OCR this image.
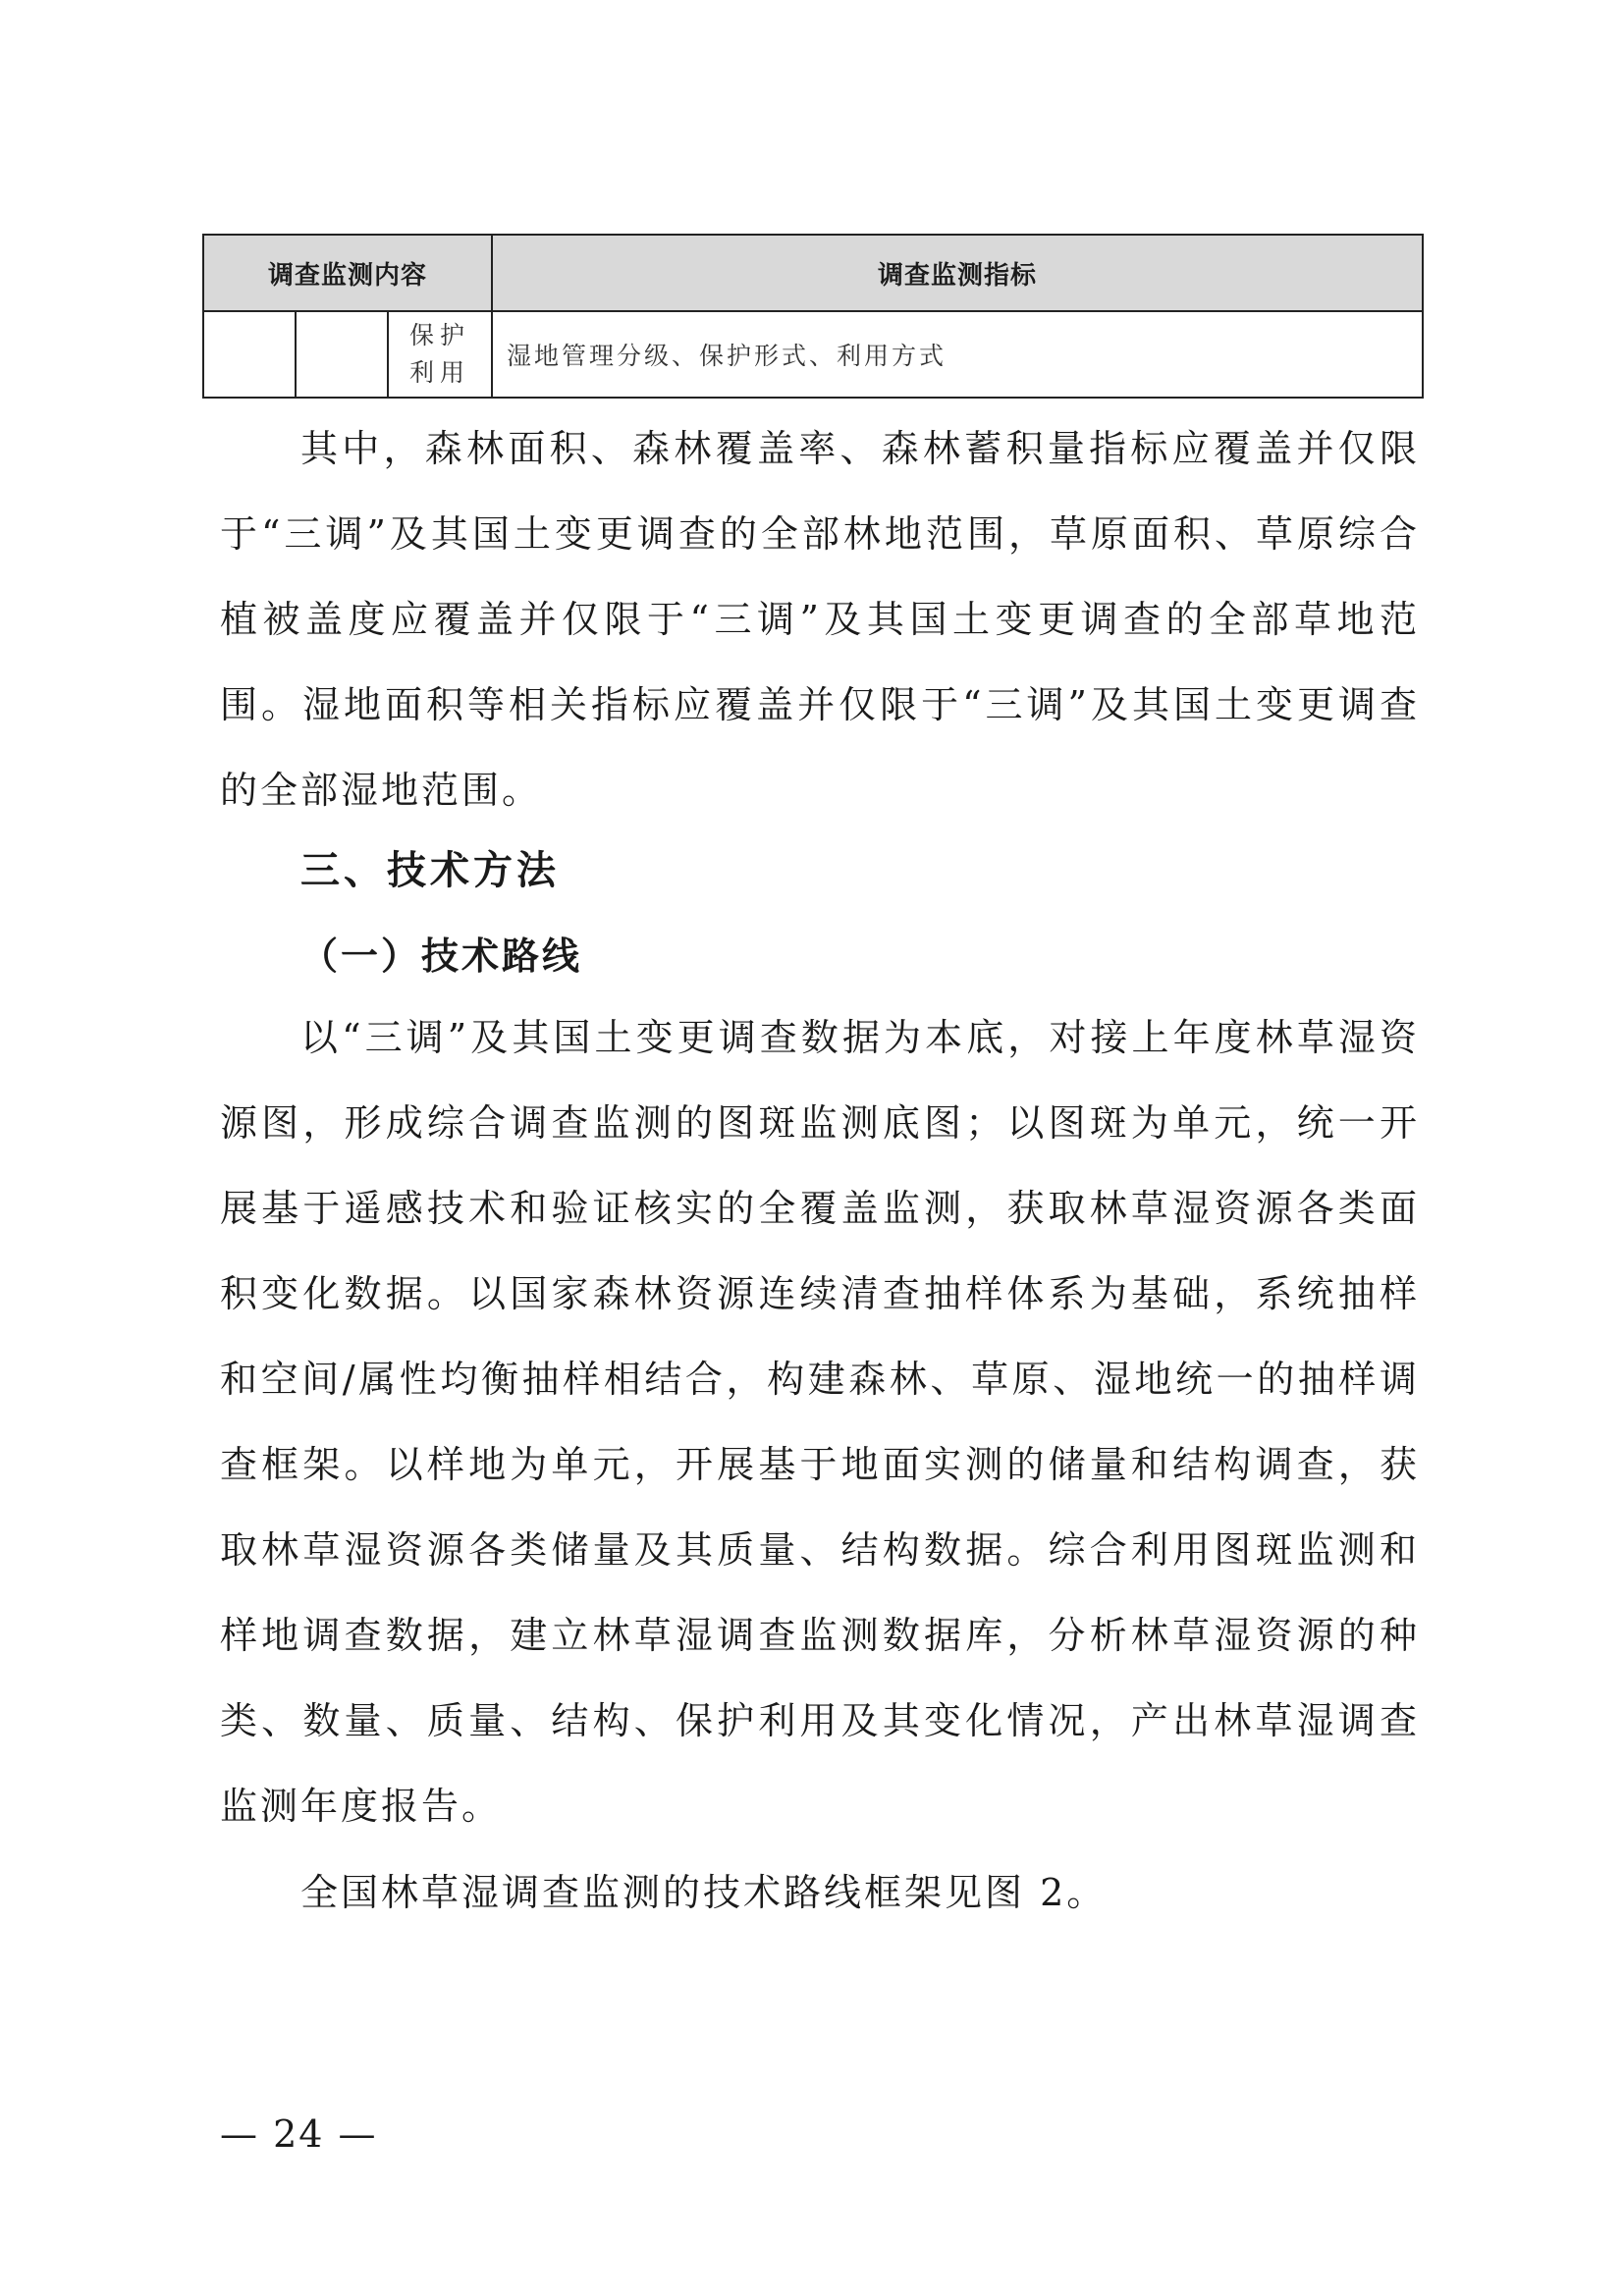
调查监测内容			调查监测指标

		保护
利用	湿地管理分级、保护形式、利用方式

其中，森林面积、森林覆盖率、森林蓄积量指标应覆盖并仅限于“三调”及其国土变更调查的全部林地范围，草原面积、草原综合植被盖度应覆盖并仅限于“三调”及其国土变更调查的全部草地范围。湿地面积等相关指标应覆盖并仅限于“三调”及其国土变更调查的全部湿地范围。

三、技术方法
（一）技术路线

以“三调”及其国土变更调查数据为本底，对接上年度林草湿资源图，形成综合调查监测的图斑监测底图；以图斑为单元，统一开展基于遥感技术和验证核实的全覆盖监测，获取林草湿资源各类面积变化数据。以国家森林资源连续清查抽样体系为基础，系统抽样和空间/属性均衡抽样相结合，构建森林、草原、湿地统一的抽样调查框架。以样地为单元，开展基于地面实测的储量和结构调查，获取林草湿资源各类储量及其质量、结构数据。综合利用图斑监测和样地调查数据，建立林草湿调查监测数据库，分析林草湿资源的种类、数量、质量、结构、保护利用及其变化情况，产出林草湿调查监测年度报告。

全国林草湿调查监测的技术路线框架见图 2。

— 24 —
